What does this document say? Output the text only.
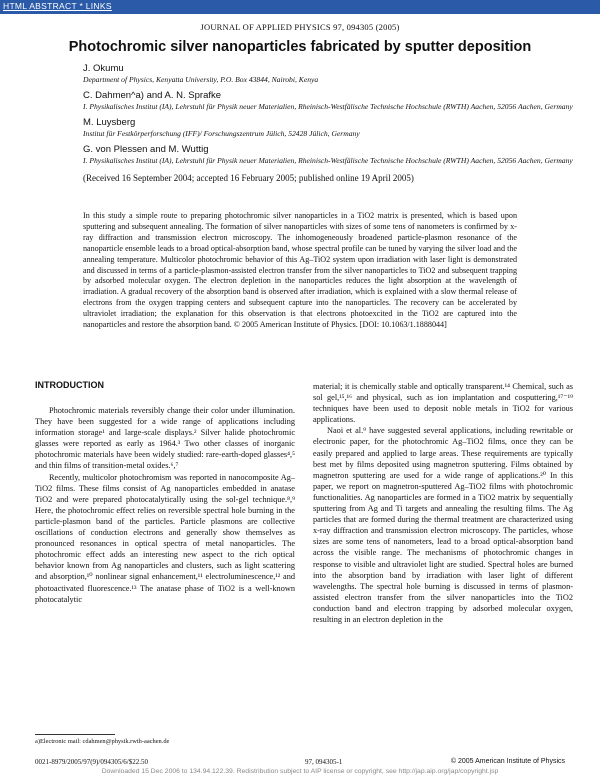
HTML ABSTRACT * LINKS
JOURNAL OF APPLIED PHYSICS 97, 094305 (2005)
Photochromic silver nanoparticles fabricated by sputter deposition
J. Okumu
Department of Physics, Kenyatta University, P.O. Box 43844, Nairobi, Kenya
C. Dahmen^a) and A. N. Sprafke
I. Physikalisches Institut (IA), Lehrstuhl für Physik neuer Materialien, Rheinisch-Westfälische Technische Hochschule (RWTH) Aachen, 52056 Aachen, Germany
M. Luysberg
Institut für Festkörperforschung (IFF)/ Forschungszentrum Jülich, 52428 Jülich, Germany
G. von Plessen and M. Wuttig
I. Physikalisches Institut (IA), Lehrstuhl für Physik neuer Materialien, Rheinisch-Westfälische Technische Hochschule (RWTH) Aachen, 52056 Aachen, Germany
(Received 16 September 2004; accepted 16 February 2005; published online 19 April 2005)
In this study a simple route to preparing photochromic silver nanoparticles in a TiO2 matrix is presented, which is based upon sputtering and subsequent annealing. The formation of silver nanoparticles with sizes of some tens of nanometers is confirmed by x-ray diffraction and transmission electron microscopy. The inhomogeneously broadened particle-plasmon resonance of the nanoparticle ensemble leads to a broad optical-absorption band, whose spectral profile can be tuned by varying the silver load and the annealing temperature. Multicolor photochromic behavior of this Ag–TiO2 system upon irradiation with laser light is demonstrated and discussed in terms of a particle-plasmon-assisted electron transfer from the silver nanoparticles to TiO2 and subsequent trapping by adsorbed molecular oxygen. The electron depletion in the nanoparticles reduces the light absorption at the wavelength of irradiation. A gradual recovery of the absorption band is observed after irradiation, which is explained with a slow thermal release of electrons from the oxygen trapping centers and subsequent capture into the nanoparticles. The recovery can be accelerated by ultraviolet irradiation; the explanation for this observation is that electrons photoexcited in the TiO2 are captured into the nanoparticles and restore the absorption band. © 2005 American Institute of Physics. [DOI: 10.1063/1.1888044]
INTRODUCTION

Photochromic materials reversibly change their color under illumination. They have been suggested for a wide range of applications including information storage¹ and large-scale displays.² Silver halide photochromic glasses were reported as early as 1964.³ Two other classes of inorganic photochromic materials have been widely studied: rare-earth-doped glasses⁴,⁵ and thin films of transition-metal oxides.⁶,⁷

Recently, multicolor photochromism was reported in nanocomposite Ag–TiO2 films. These films consist of Ag nanoparticles embedded in anatase TiO2 and were prepared photocatalytically using the sol-gel technique.⁸,⁹ Here, the photochromic effect relies on reversible spectral hole burning in the particle-plasmon band of the particles. Particle plasmons are collective oscillations of conduction electrons and generally show themselves as pronounced resonances in optical spectra of metal nanoparticles. The photochromic effect adds an interesting new aspect to the rich optical behavior known from Ag nanoparticles and clusters, such as light scattering and absorption,¹⁰ nonlinear signal enhancement,¹¹ electroluminescence,¹² and photoactivated fluorescence.¹³ The anatase phase of TiO2 is a well-known photocatalytic

material; it is chemically stable and optically transparent.¹⁴ Chemical, such as sol gel,¹⁵,¹⁶ and physical, such as ion implantation and cosputtering,¹⁷⁻¹⁹ techniques have been used to deposit noble metals in TiO2 for various applications.

Naoi et al.⁹ have suggested several applications, including rewritable or electronic paper, for the photochromic Ag–TiO2 films, once they can be easily prepared and applied to large areas. These requirements are typically best met by films deposited using magnetron sputtering. Films obtained by magnetron sputtering are used for a wide range of applications.²⁰ In this paper, we report on magnetron-sputtered Ag–TiO2 films with photochromic functionalities. Ag nanoparticles are formed in a TiO2 matrix by sequentially sputtering from Ag and Ti targets and annealing the resulting films. The Ag particles that are formed during the thermal treatment are characterized using x-ray diffraction and transmission electron microscopy. The particles, whose sizes are some tens of nanometers, lead to a broad optical-absorption band across the visible range. The mechanisms of photochromic changes in response to visible and ultraviolet light are studied. Spectral holes are burned into the absorption band by irradiation with laser light of different wavelengths. The spectral hole burning is discussed in terms of plasmon-assisted electron transfer from the silver nanoparticles into the TiO2 conduction band and electron trapping by adsorbed molecular oxygen, resulting in an electron depletion in the

a)Electronic mail: cdahmen@physik.rwth-aachen.de
0021-8979/2005/97(9)/094305/6/$22.50	97, 094305-1	© 2005 American Institute of Physics
Downloaded 15 Dec 2006 to 134.94.122.39. Redistribution subject to AIP license or copyright, see http://jap.aip.org/jap/copyright.jsp
